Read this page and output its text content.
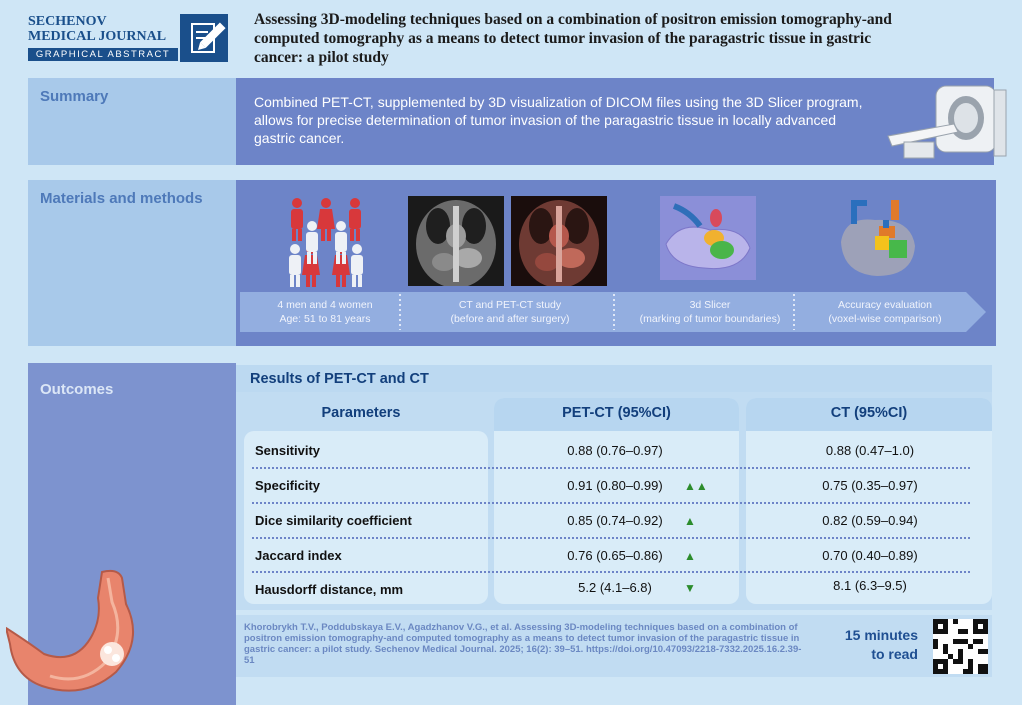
SECHENOV
MEDICAL JOURNAL
GRAPHICAL ABSTRACT
Assessing 3D-modeling techniques based on a combination of positron emission tomography-and computed tomography as a means to detect tumor invasion of the paragastric tissue in gastric cancer: a pilot study
Summary	Combined PET-CT, supplemented by 3D visualization of DICOM files using the 3D Slicer program, allows for precise determination of tumor invasion of the paragastric tissue in locally advanced gastric cancer.
Materials and methods
4 men and 4 women
Age: 51 to 81 years
CT and PET-CT study
(before and after surgery)
3d Slicer
(marking of tumor boundaries)
Accuracy evaluation
(voxel-wise comparison)
Outcomes
Results of PET-CT and CT
Parameters	PET-CT (95%CI)	CT (95%CI)
Sensitivity	0.88 (0.76–0.97)	0.88 (0.47–1.0)
Specificity	0.91 (0.80–0.99)	▲▲	0.75 (0.35–0.97)
Dice similarity coefficient	0.85 (0.74–0.92)	▲	0.82 (0.59–0.94)
Jaccard index	0.76 (0.65–0.86)	▲	0.70 (0.40–0.89)
Hausdorff distance, mm	5.2 (4.1–6.8)	▼	8.1 (6.3–9.5)
Khorobrykh T.V., Poddubskaya E.V., Agadzhanov V.G., et al. Assessing 3D-modeling techniques based on a combination of positron emission tomography-and computed tomography as a means to detect tumor invasion of the paragastric tissue in gastric cancer: a pilot study. Sechenov Medical Journal. 2025; 16(2): 39–51. https://doi.org/10.47093/2218-7332.2025.16.2.39-51
15 minutes
to read
